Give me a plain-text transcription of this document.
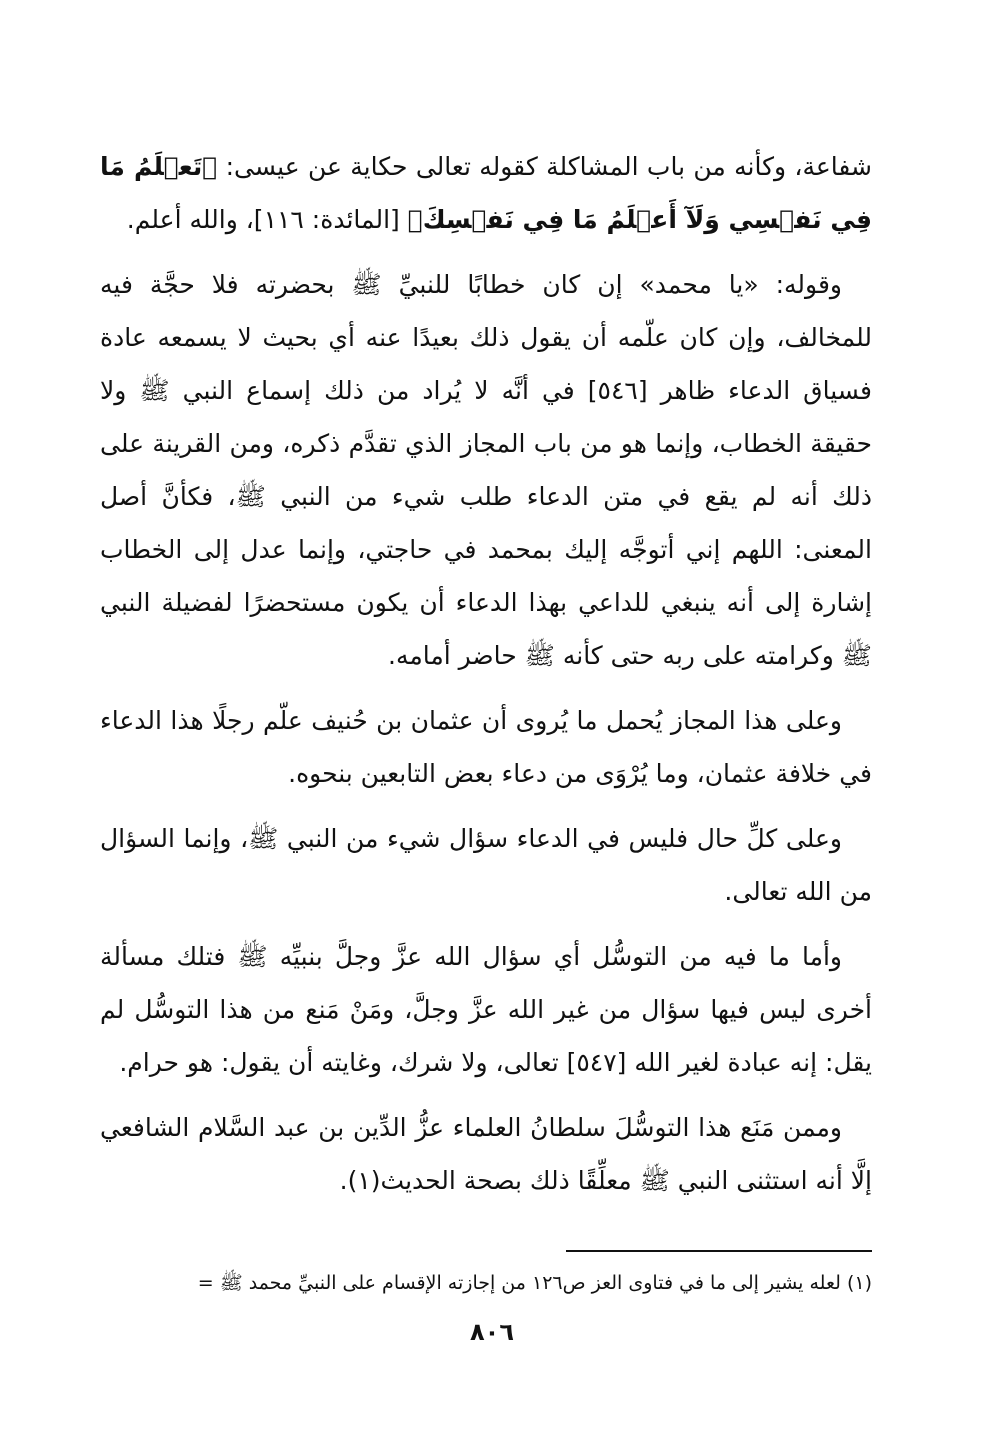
شفاعة، وكأنه من باب المشاكلة كقوله تعالى حكاية عن عيسى: ﴿تَعۡلَمُ مَا فِي نَفۡسِي وَلَآ أَعۡلَمُ مَا فِي نَفۡسِكَ﴾ [المائدة: ١١٦]، والله أعلم.

وقوله: «يا محمد» إن كان خطابًا للنبيِّ ﷺ بحضرته فلا حجَّة فيه للمخالف، وإن كان علّمه أن يقول ذلك بعيدًا عنه أي بحيث لا يسمعه عادة فسياق الدعاء ظاهر [٥٤٦] في أنَّه لا يُراد من ذلك إسماع النبي ﷺ ولا حقيقة الخطاب، وإنما هو من باب المجاز الذي تقدَّم ذكره، ومن القرينة على ذلك أنه لم يقع في متن الدعاء طلب شيء من النبي ﷺ، فكأنَّ أصل المعنى: اللهم إني أتوجَّه إليك بمحمد في حاجتي، وإنما عدل إلى الخطاب إشارة إلى أنه ينبغي للداعي بهذا الدعاء أن يكون مستحضرًا لفضيلة النبي ﷺ وكرامته على ربه حتى كأنه ﷺ حاضر أمامه.

وعلى هذا المجاز يُحمل ما يُروى أن عثمان بن حُنيف علّم رجلًا هذا الدعاء في خلافة عثمان، وما يُرْوَى من دعاء بعض التابعين بنحوه.

وعلى كلِّ حال فليس في الدعاء سؤال شيء من النبي ﷺ، وإنما السؤال من الله تعالى.

وأما ما فيه من التوسُّل أي سؤال الله عزَّ وجلَّ بنبيِّه ﷺ فتلك مسألة أخرى ليس فيها سؤال من غير الله عزَّ وجلَّ، ومَنْ مَنع من هذا التوسُّل لم يقل: إنه عبادة لغير الله [٥٤٧] تعالى، ولا شرك، وغايته أن يقول: هو حرام.

وممن مَنَع هذا التوسُّلَ سلطانُ العلماء عزُّ الدِّين بن عبد السَّلام الشافعي إلَّا أنه استثنى النبي ﷺ معلِّقًا ذلك بصحة الحديث(١).

(١) لعله يشير إلى ما في فتاوى العز ص١٢٦ من إجازته الإقسام على النبيِّ محمد ﷺ =
٨٠٦
